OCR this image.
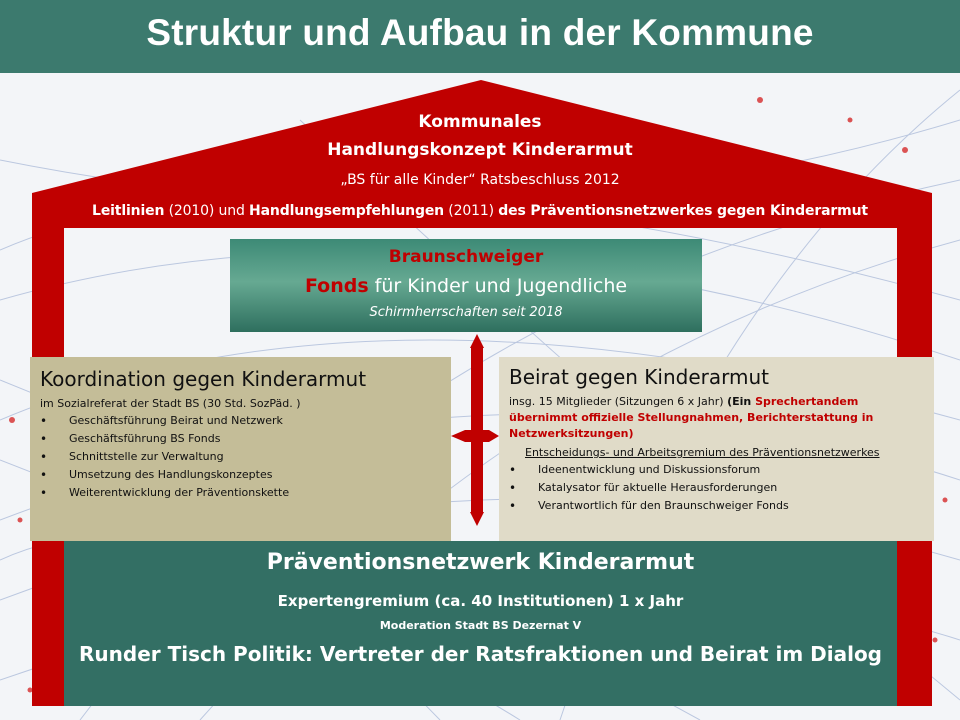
Struktur und Aufbau in der Kommune
Kommunales
Handlungskonzept Kinderarmut
„BS für alle Kinder“ Ratsbeschluss 2012
Leitlinien (2010) und Handlungsempfehlungen (2011) des Präventionsnetzwerkes gegen Kinderarmut
Braunschweiger
Fonds für Kinder und Jugendliche
Schirmherrschaften seit 2018
Koordination gegen Kinderarmut
im Sozialreferat der Stadt BS (30 Std. SozPäd. )
• Geschäftsführung Beirat und Netzwerk
• Geschäftsführung BS Fonds
• Schnittstelle zur Verwaltung
• Umsetzung des Handlungskonzeptes
• Weiterentwicklung der Präventionskette
Beirat gegen Kinderarmut
insg. 15 Mitglieder (Sitzungen 6 x Jahr) (Ein Sprechertandem übernimmt offizielle Stellungnahmen, Berichterstattung in Netzwerksitzungen)
Entscheidungs- und Arbeitsgremium des Präventionsnetzwerkes
• Ideenentwicklung und Diskussionsforum
• Katalysator für aktuelle Herausforderungen
• Verantwortlich für den Braunschweiger Fonds
Präventionsnetzwerk Kinderarmut
Expertengremium (ca. 40 Institutionen) 1 x Jahr
Moderation Stadt BS Dezernat V
Runder Tisch Politik: Vertreter der Ratsfraktionen und Beirat im Dialog
